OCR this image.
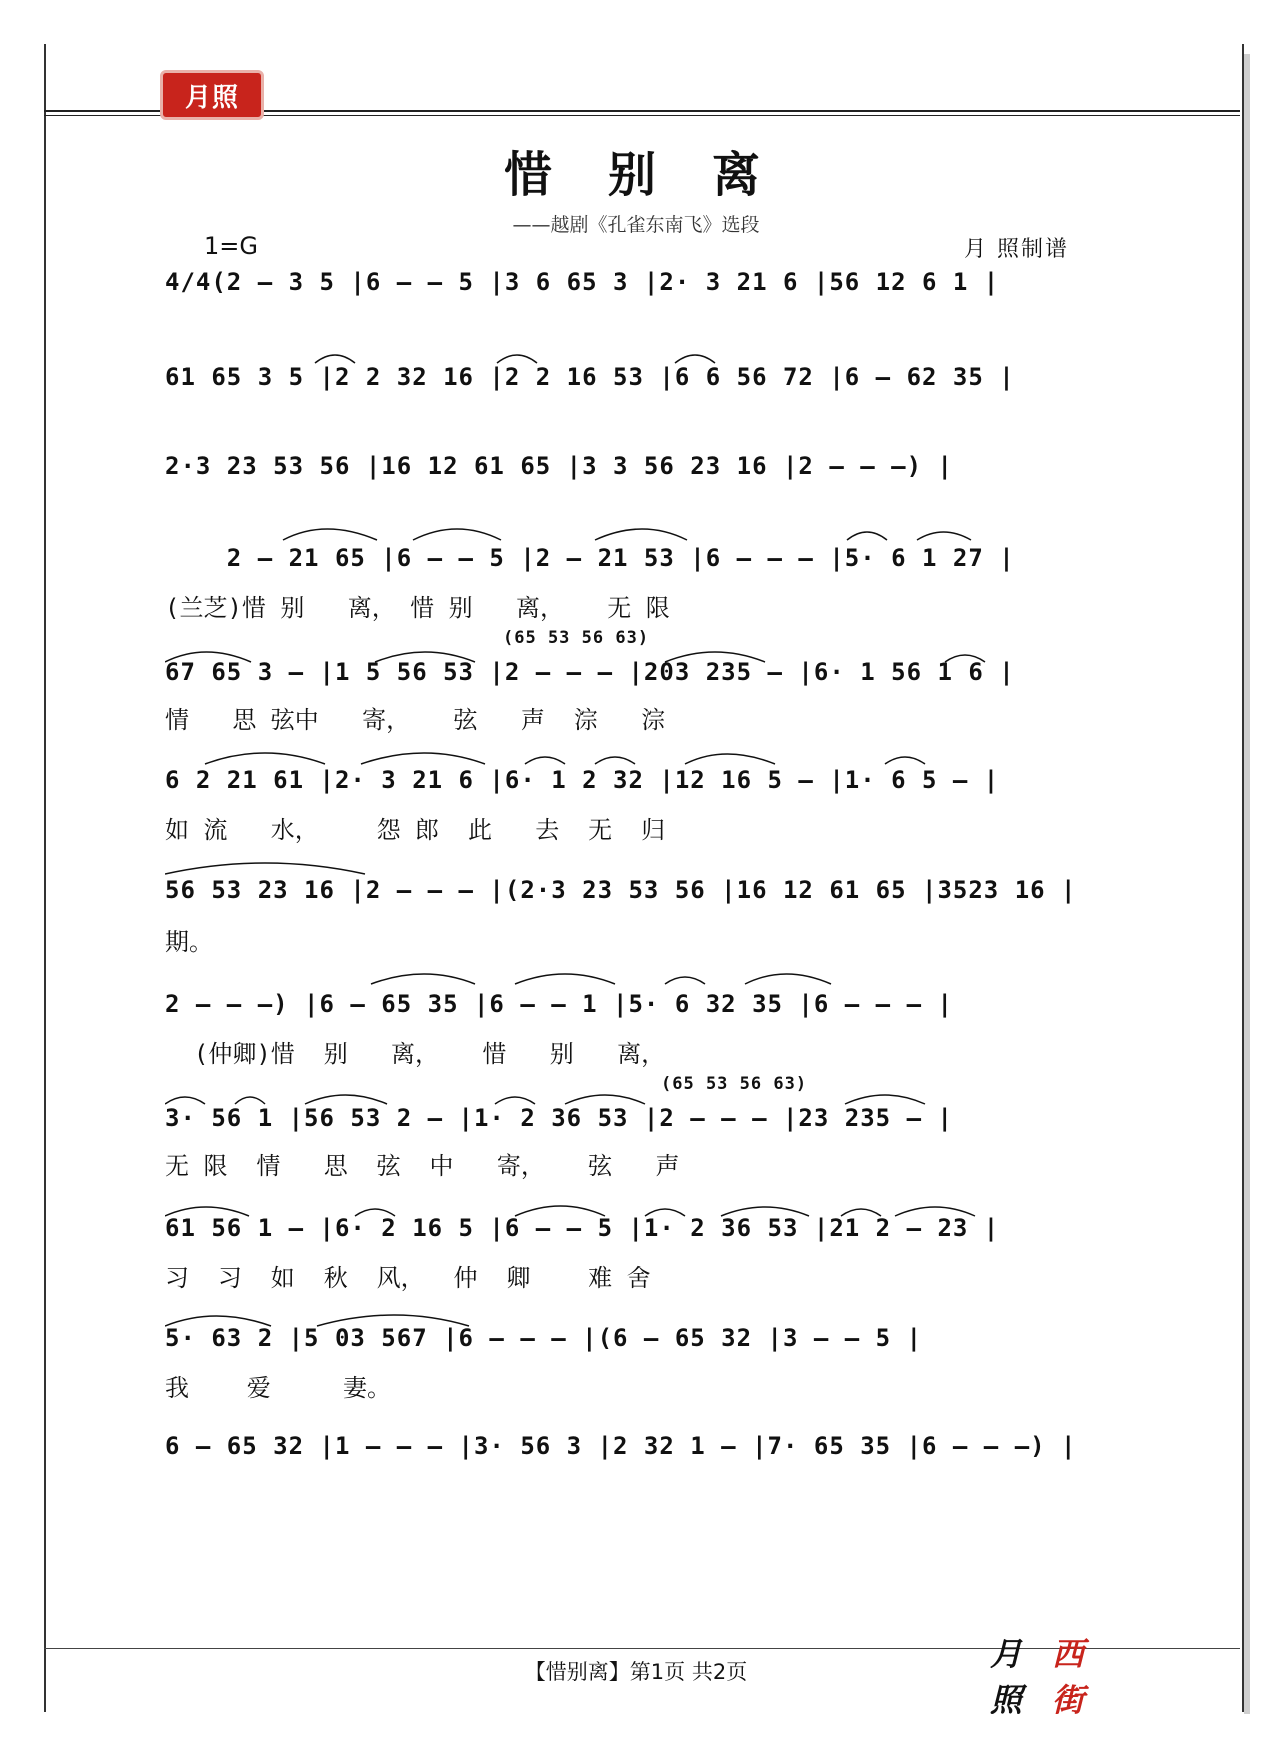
月照
惜别离
——越剧《孔雀东南飞》选段
1=G	月 照制谱
4/4(2 – 3 5 |6 – – 5 |3 6 65 3 |2· 3 21 6 |56 12 6 1 |
61 65 3 5 |2 2 32 16 |2 2 16 53 |6 6 56 72 |6 – 62 35 |
2·3 23 53 56 |16 12 61 65 |3 3 56 23 16 |2 – – –) |
2 – 21 65 |6 – – 5 |2 – 21 53 |6 – – – |5· 6 1 27 |
(兰芝)惜 别   离， 惜 别   离，   无 限
(65 53 56 63)
67 65 3 – |1 5 56 53 |2 – – – |203 235 – |6· 1 56 1 6 |
情   思 弦中   寄，   弦   声  淙   淙
6 2 21 61 |2· 3 21 6 |6· 1 2 32 |12 16 5 – |1· 6 5 – |
如 流   水，    怨 郎  此   去  无  归
56 53 23 16 |2 – – – |(2·3 23 53 56 |16 12 61 65 |3523 16 |
期。
2 – – –) |6 – 65 35 |6 – – 1 |5· 6 32 35 |6 – – – |
(仲卿)惜  别   离，   惜   别   离，
(65 53 56 63)
3· 56 1 |56 53 2 – |1· 2 36 53 |2 – – – |23 235 – |
无 限  情   思  弦  中   寄，   弦   声
61 56 1 – |6· 2 16 5 |6 – – 5 |1· 2 36 53 |21 2 – 23 |
习  习  如  秋  风，  仲  卿    难 舍
5· 63 2 |5 03 567 |6 – – – |(6 – 65 32 |3 – – 5 |
我    爱     妻。
6 – 65 32 |1 – – – |3· 56 3 |2 32 1 – |7· 65 35 |6 – – –) |
【惜别离】第1页 共2页	月照
西街
